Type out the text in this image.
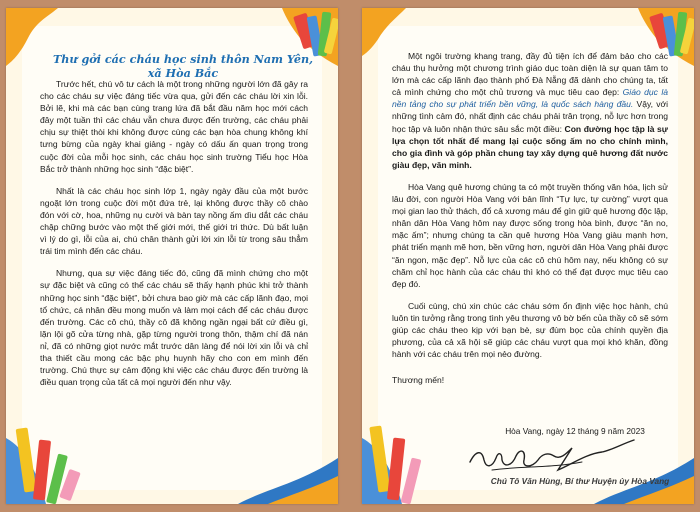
Thư gởi các cháu học sinh thôn Nam Yên, xã Hòa Bắc

Trước hết, chú vô tư cách là một trong những người lớn đã gây ra cho các cháu sự việc đáng tiếc vừa qua, gửi đến các cháu lời xin lỗi. Bởi lẽ, khi mà các bạn cùng trang lứa đã bắt đầu năm học mới cách đây một tuần thì các cháu vẫn chưa được đến trường, các cháu phải chịu sự thiệt thòi khi không được cùng các bạn hòa chung không khí tưng bừng của ngày khai giảng - ngày có dấu ấn quan trọng trong cuộc đời của mỗi học sinh, các cháu học sinh trường Tiểu học Hòa Bắc trở thành những học sinh “đặc biệt”.

Nhất là các cháu học sinh lớp 1, ngày ngày đầu của một bước ngoặt lớn trong cuộc đời một đứa trẻ, lại không được thầy cô chào đón với cờ, hoa, những nụ cười và bàn tay nồng ấm dìu dắt các cháu chập chững bước vào một thế giới mới, thế giới tri thức. Dù bất luận vì lý do gì, lỗi của ai, chú chân thành gửi lời xin lỗi từ trong sâu thẳm trái tim mình đến các cháu.

Nhưng, qua sự việc đáng tiếc đó, cũng đã mình chứng cho một sự đặc biệt và cũng có thể các cháu sẽ thấy hạnh phúc khi trở thành những học sinh “đặc biệt”, bởi chưa bao giờ mà các cấp lãnh đạo, mọi tổ chức, cá nhân đều mong muốn và làm mọi cách để các cháu được đến trường. Các cô chú, thầy cô đã không ngần ngại bất cứ điều gì, lặn lội gõ cửa từng nhà, gặp từng người trong thôn, thậm chí đã nán nỉ, đã có những giọt nước mắt trước dân làng để nói lời xin lỗi và chỉ tha thiết cầu mong các bậc phụ huynh hãy cho con em mình đến trường. Chú thực sự cảm động khi việc các cháu được đến trường là điều quan trọng của tất cả mọi người đến như vậy.

Một ngôi trường khang trang, đầy đủ tiện ích để đảm bảo cho các cháu thụ hưởng một chương trình giáo dục toàn diện là sự quan tâm to lớn mà các cấp lãnh đạo thành phố Đà Nẵng đã dành cho chúng ta, tất cả mình chứng cho một chủ trương và mục tiêu cao đẹp: Giáo dục là nền tảng cho sự phát triển bền vững, là quốc sách hàng đầu. Vậy, với những tình cảm đó, nhất định các cháu phải trân trọng, nỗ lực hơn trong học tập và luôn nhận thức sâu sắc một điều: Con đường học tập là sự lựa chọn tốt nhất để mang lại cuộc sống ấm no cho chính mình, cho gia đình và góp phần chung tay xây dựng quê hương đất nước giàu đẹp, văn minh.

Hòa Vang quê hương chúng ta có một truyền thống văn hóa, lịch sử lâu đời, con người Hòa Vang với bản lĩnh “Tự lực, tự cường” vượt qua mọi gian lao thử thách, đổ cả xương máu để gìn giữ quê hương độc lập, nhân dân Hòa Vang hôm nay được sống trong hòa bình, được “ăn no, mặc ấm”; nhưng chúng ta cần quê hương Hòa Vang giàu mạnh hơn, phát triển mạnh mẽ hơn, bền vững hơn, người dân Hòa Vang phải được “ăn ngon, mặc đẹp”. Nỗ lực của các cô chú hôm nay, nếu không có sự chăm chỉ học hành của các cháu thì khó có thể đạt được mục tiêu cao đẹp đó.

Cuối cùng, chú xin chúc các cháu sớm ổn định việc học hành, chú luôn tin tưởng rằng trong tình yêu thương vô bờ bến của thầy cô sẽ sớm giúp các cháu theo kịp với bạn bè, sự đùm bọc của chính quyền địa phương, của cả xã hội sẽ giúp các cháu vượt qua mọi khó khăn, đồng hành với các cháu trên mọi nẻo đường.

Thương mến!

Hòa Vang, ngày 12 tháng 9 năm 2023
Chú Tô Văn Hùng, Bí thư Huyện ủy Hòa Vang
